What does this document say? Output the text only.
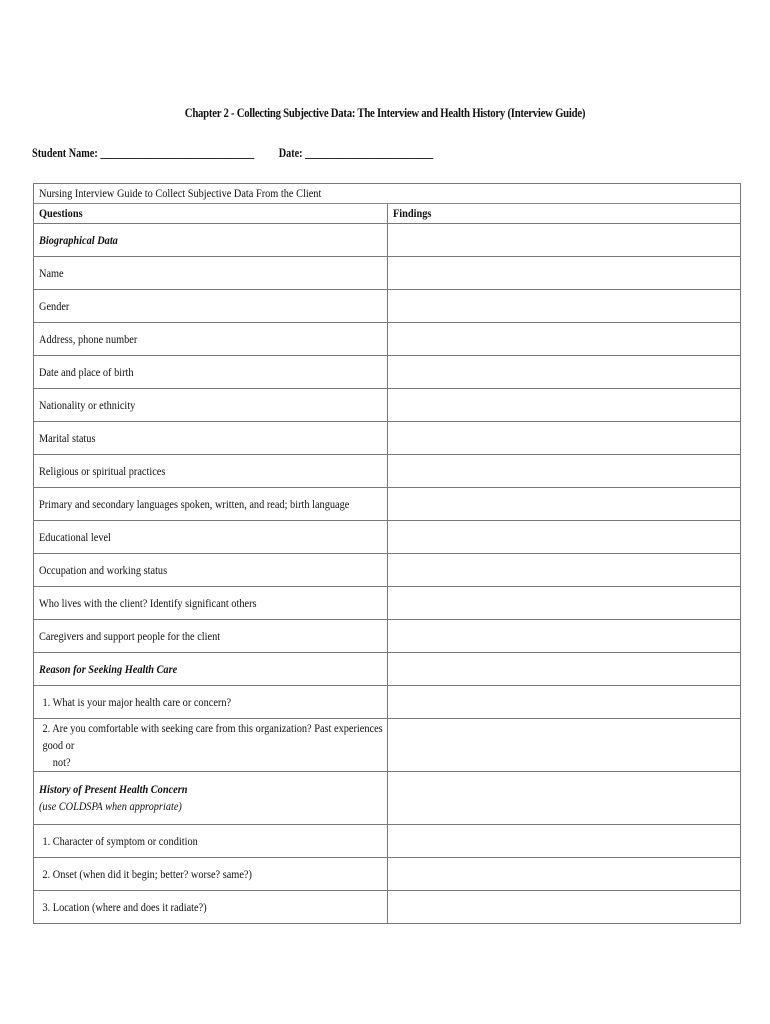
Chapter 2 - Collecting Subjective Data: The Interview and Health History (Interview Guide)
Student Name: ______________________________ Date: _________________________
Nursing Interview Guide to Collect Subjective Data From the Client	

Questions	Findings

Biographical Data	

Name	

Gender	

Address, phone number	

Date and place of birth	

Nationality or ethnicity	

Marital status	

Religious or spiritual practices	

Primary and secondary languages spoken, written, and read; birth language	

Educational level	

Occupation and working status	

Who lives with the client? Identify significant others	

Caregivers and support people for the client	

Reason for Seeking Health Care	

1. What is your major health care or concern?	

2. Are you comfortable with seeking care from this organization? Past experiences good or
not?	

History of Present Health Concern
(use COLDSPA when appropriate)	

1. Character of symptom or condition	

2. Onset (when did it begin; better? worse? same?)	

3. Location (where and does it radiate?)	
